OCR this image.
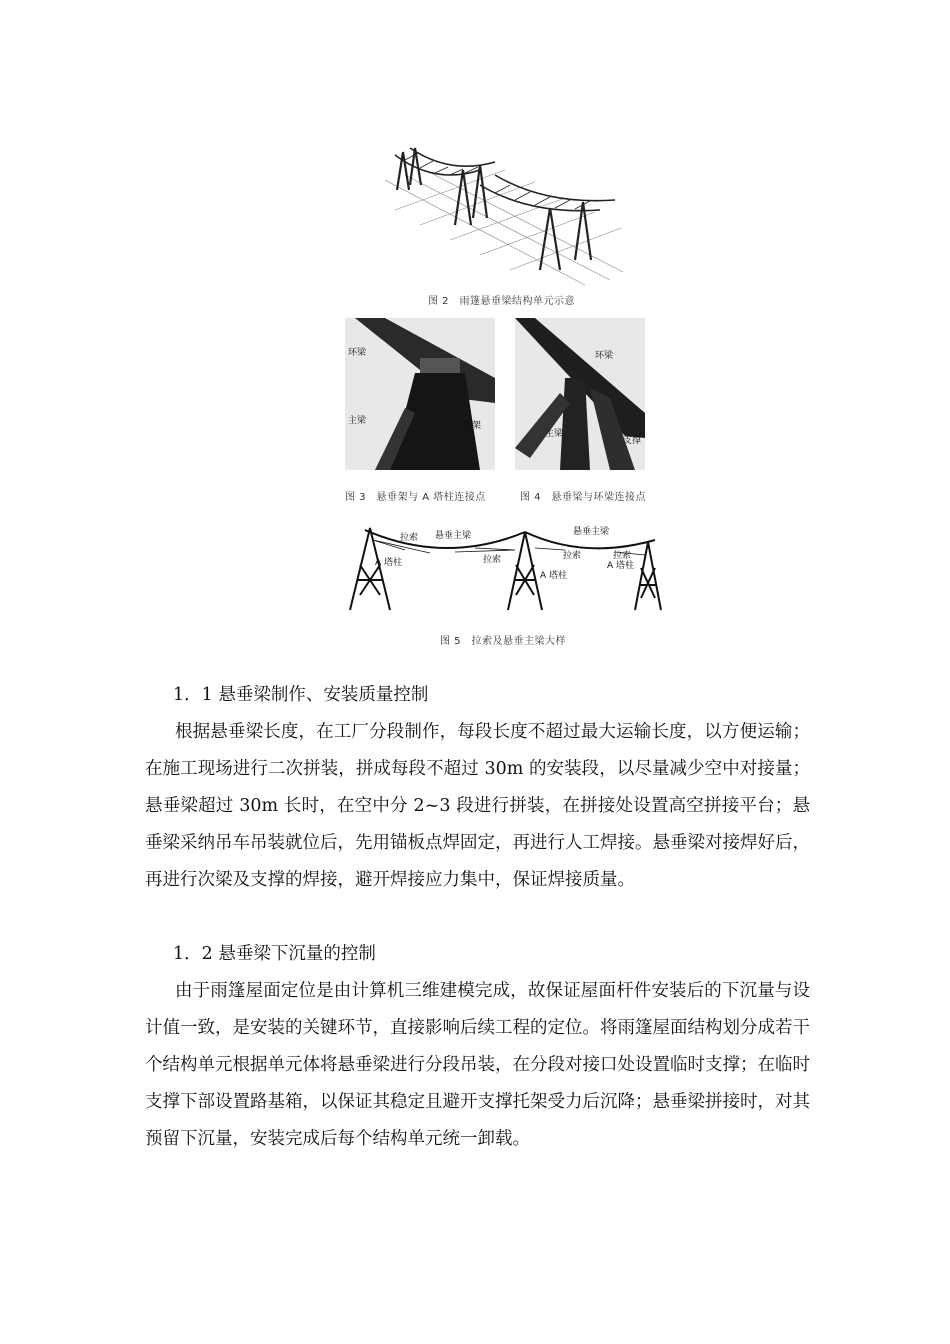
图 2　雨篷悬垂梁结构单元示意
环梁
主梁	塔架
图 3　悬垂架与 A 塔柱连接点
环梁
主梁
支撑
图 4　悬垂梁与环梁连接点
悬垂主梁	悬垂主梁
拉索
拉索	拉索	拉索
A 塔柱
A 塔柱
A 塔柱
图 5　拉索及悬垂主梁大样
1．1 悬垂梁制作、安装质量控制

根据悬垂梁长度，在工厂分段制作，每段长度不超过最大运输长度，以方便运输；在施工现场进行二次拼装，拼成每段不超过 30m 的安装段，以尽量减少空中对接量；悬垂梁超过 30m 长时，在空中分 2~3 段进行拼装，在拼接处设置高空拼接平台；悬垂梁采纳吊车吊装就位后，先用锚板点焊固定，再进行人工焊接。悬垂梁对接焊好后，再进行次梁及支撑的焊接，避开焊接应力集中，保证焊接质量。

1．2 悬垂梁下沉量的控制

由于雨篷屋面定位是由计算机三维建模完成，故保证屋面杆件安装后的下沉量与设计值一致，是安装的关键环节，直接影响后续工程的定位。将雨篷屋面结构划分成若干个结构单元根据单元体将悬垂梁进行分段吊装，在分段对接口处设置临时支撑；在临时支撑下部设置路基箱，以保证其稳定且避开支撑托架受力后沉降；悬垂梁拼接时，对其预留下沉量，安装完成后每个结构单元统一卸载。
